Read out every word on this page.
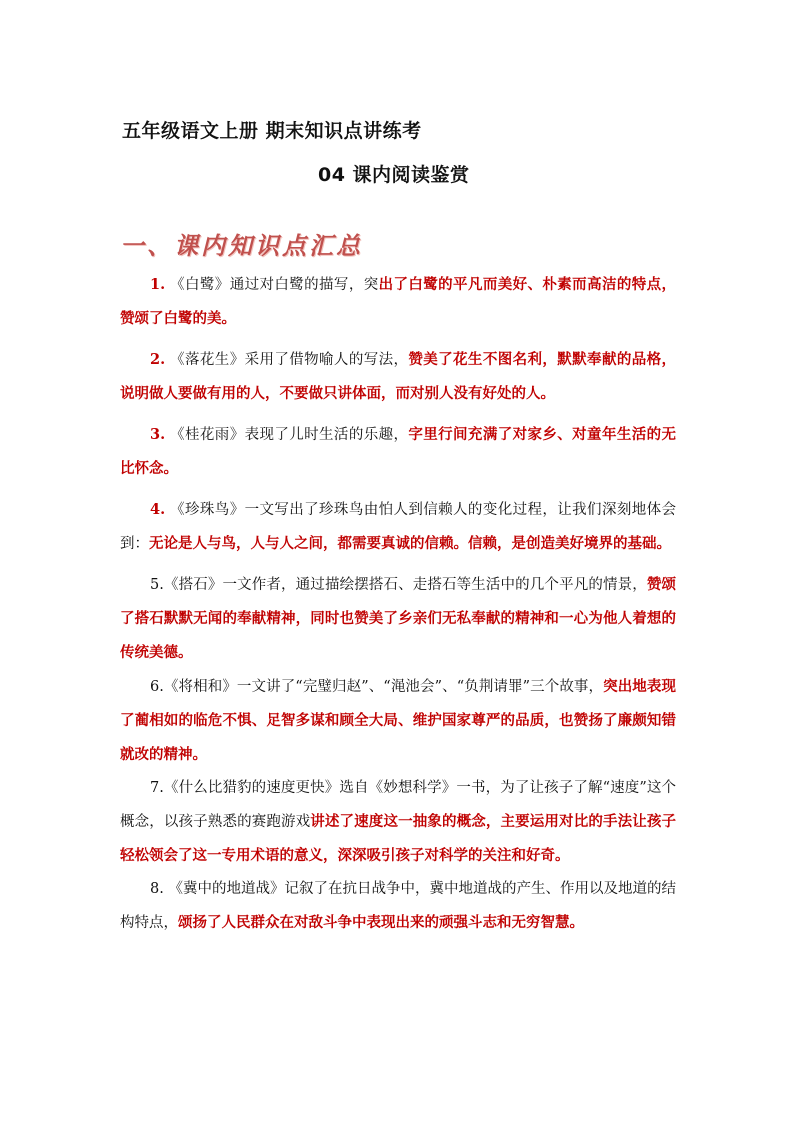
五年级语文上册 期末知识点讲练考
04 课内阅读鉴赏
一、课内知识点汇总

1. 《白鹭》通过对白鹭的描写，突出了白鹭的平凡而美好、朴素而高洁的特点，赞颂了白鹭的美。

2. 《落花生》采用了借物喻人的写法，赞美了花生不图名利，默默奉献的品格，说明做人要做有用的人，不要做只讲体面，而对别人没有好处的人。

3. 《桂花雨》表现了儿时生活的乐趣，字里行间充满了对家乡、对童年生活的无比怀念。

4. 《珍珠鸟》一文写出了珍珠鸟由怕人到信赖人的变化过程，让我们深刻地体会到：无论是人与鸟，人与人之间，都需要真诚的信赖。信赖，是创造美好境界的基础。

5.《搭石》一文作者，通过描绘摆搭石、走搭石等生活中的几个平凡的情景，赞颂了搭石默默无闻的奉献精神，同时也赞美了乡亲们无私奉献的精神和一心为他人着想的传统美德。

6.《将相和》一文讲了“完璧归赵”、“渑池会”、“负荆请罪”三个故事，突出地表现了蔺相如的临危不惧、足智多谋和顾全大局、维护国家尊严的品质，也赞扬了廉颇知错就改的精神。

7.《什么比猎豹的速度更快》选自《妙想科学》一书，为了让孩子了解“速度”这个概念，以孩子熟悉的赛跑游戏讲述了速度这一抽象的概念，主要运用对比的手法让孩子轻松领会了这一专用术语的意义，深深吸引孩子对科学的关注和好奇。

8. 《冀中的地道战》记叙了在抗日战争中，冀中地道战的产生、作用以及地道的结构特点，颂扬了人民群众在对敌斗争中表现出来的顽强斗志和无穷智慧。
